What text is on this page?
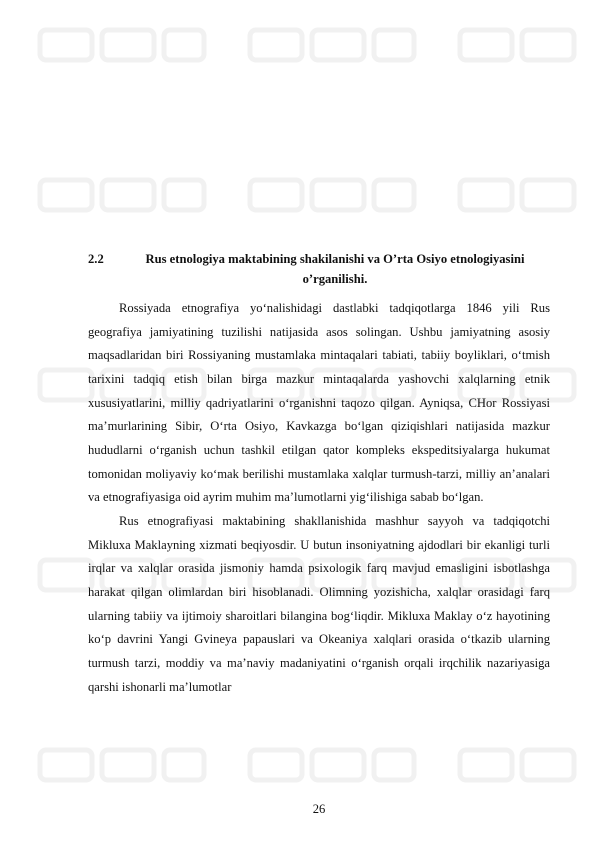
2.2	Rus etnologiya maktabining shakilanishi va O’rta Osiyo etnologiyasini o’rganilishi.

Rossiyada etnografiya yo‘nalishidagi dastlabki tadqiqotlarga 1846 yili Rus geografiya jamiyatining tuzilishi natijasida asos solingan. Ushbu jamiyatning asosiy maqsadlaridan biri Rossiyaning mustamlaka mintaqalari tabiati, tabiiy boyliklari, o‘tmish tarixini tadqiq etish bilan birga mazkur mintaqalarda yashovchi xalqlarning etnik xususiyatlarini, milliy qadriyatlarini o‘rganishni taqozo qilgan. Ayniqsa, CHor Rossiyasi ma’murlarining Sibir, O‘rta Osiyo, Kavkazga bo‘lgan qiziqishlari natijasida mazkur hududlarni o‘rganish uchun tashkil etilgan qator kompleks ekspeditsiyalarga hukumat tomonidan moliyaviy ko‘mak berilishi mustamlaka xalqlar turmush-tarzi, milliy an’analari va etnografiyasiga oid ayrim muhim ma’lumotlarni yig‘ilishiga sabab bo‘lgan.

Rus etnografiyasi maktabining shakllanishida mashhur sayyoh va tadqiqotchi Mikluxa Maklayning xizmati beqiyosdir. U butun insoniyatning ajdodlari bir ekanligi turli irqlar va xalqlar orasida jismoniy hamda psixologik farq mavjud emasligini isbotlashga harakat qilgan olimlardan biri hisoblanadi. Olimning yozishicha, xalqlar orasidagi farq ularning tabiiy va ijtimoiy sharoitlari bilangina bog‘liqdir. Mikluxa Maklay o‘z hayotining ko‘p davrini Yangi Gvineya papauslari va Okeaniya xalqlari orasida o‘tkazib ularning turmush tarzi, moddiy va ma’naviy madaniyatini o‘rganish orqali irqchilik nazariyasiga qarshi ishonarli ma’lumotlar

26
